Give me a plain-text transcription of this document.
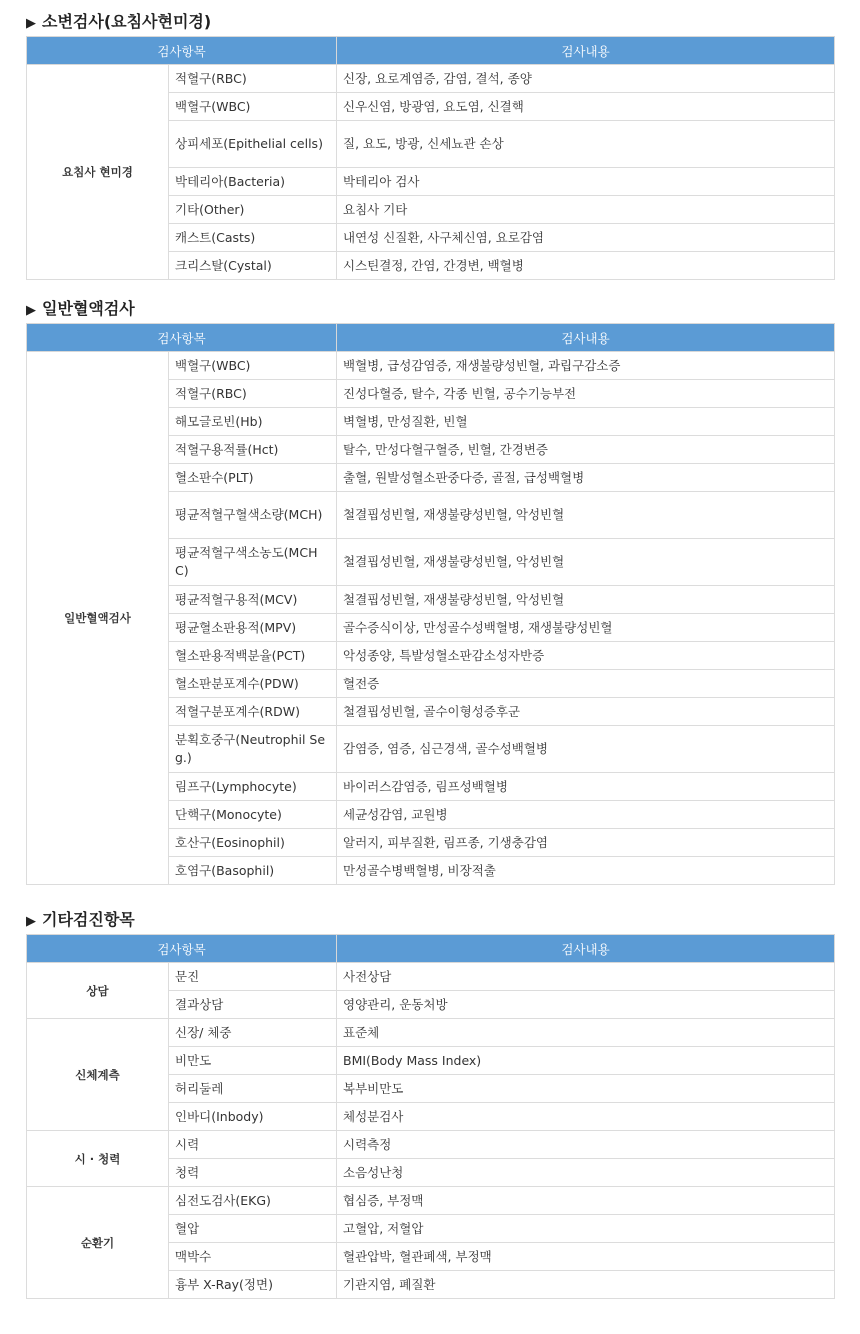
▶ 소변검사(요침사현미경)
검사항목		검사내용
요침사 현미경	적혈구(RBC)	신장, 요로계염증, 감염, 결석, 종양
	백혈구(WBC)	신우신염, 방광염, 요도염, 신결핵
	상피세포(Epithelial cells)	질, 요도, 방광, 신세뇨관 손상
	박테리아(Bacteria)	박테리아 검사
	기타(Other)	요침사 기타
	캐스트(Casts)	내연성 신질환, 사구체신염, 요로감염
	크리스탈(Cystal)	시스틴결정, 간염, 간경변, 백혈병
▶ 일반혈액검사
검사항목		검사내용
일반혈액검사	백혈구(WBC)	백혈병, 급성감염증, 재생불량성빈혈, 과립구감소증
	적혈구(RBC)	진성다혈증, 탈수, 각종 빈혈, 공수기능부전
	해모글로빈(Hb)	벽혈병, 만성질환, 빈혈
	적혈구용적률(Hct)	탈수, 만성다혈구혈증, 빈혈, 간경변증
	혈소판수(PLT)	출혈, 원발성혈소판중다증, 골절, 급성백혈병
	평균적혈구혈색소량(MCH)	철결핍성빈혈, 재생불량성빈혈, 악성빈혈
	평균적혈구색소농도(MCHC)	철결핍성빈혈, 재생불량성빈혈, 악성빈혈
	평균적혈구용적(MCV)	철결핍성빈혈, 재생불량성빈혈, 악성빈혈
	평균혈소판용적(MPV)	골수증식이상, 만성골수성백혈병, 재생불량성빈혈
	혈소판용적백분율(PCT)	악성종양, 특발성혈소판감소성자반증
	혈소판분포계수(PDW)	혈전증
	적혈구분포계수(RDW)	철결핍성빈혈, 골수이형성증후군
	분획호중구(Neutrophil Seg.)	감염증, 염증, 심근경색, 골수성백혈병
	림프구(Lymphocyte)	바이러스감염증, 림프성백혈병
	단핵구(Monocyte)	세균성감염, 교원병
	호산구(Eosinophil)	알러지, 피부질환, 림프종, 기생충감염
	호염구(Basophil)	만성골수병백혈병, 비장적출
▶ 기타검진항목
검사항목		검사내용
상담	문진	사전상담
	결과상담	영양관리, 운동처방
신체계측	신장/ 체중	표준체
	비만도	BMI(Body Mass Index)
	허리둘레	복부비만도
	인바디(Inbody)	체성분검사
시 · 청력	시력	시력측정
	청력	소음성난청
순환기	심전도검사(EKG)	협심증, 부정맥
	혈압	고혈압, 저혈압
	맥박수	혈관압박, 혈관폐색, 부정맥
	흉부 X-Ray(정면)	기관지염, 폐질환
